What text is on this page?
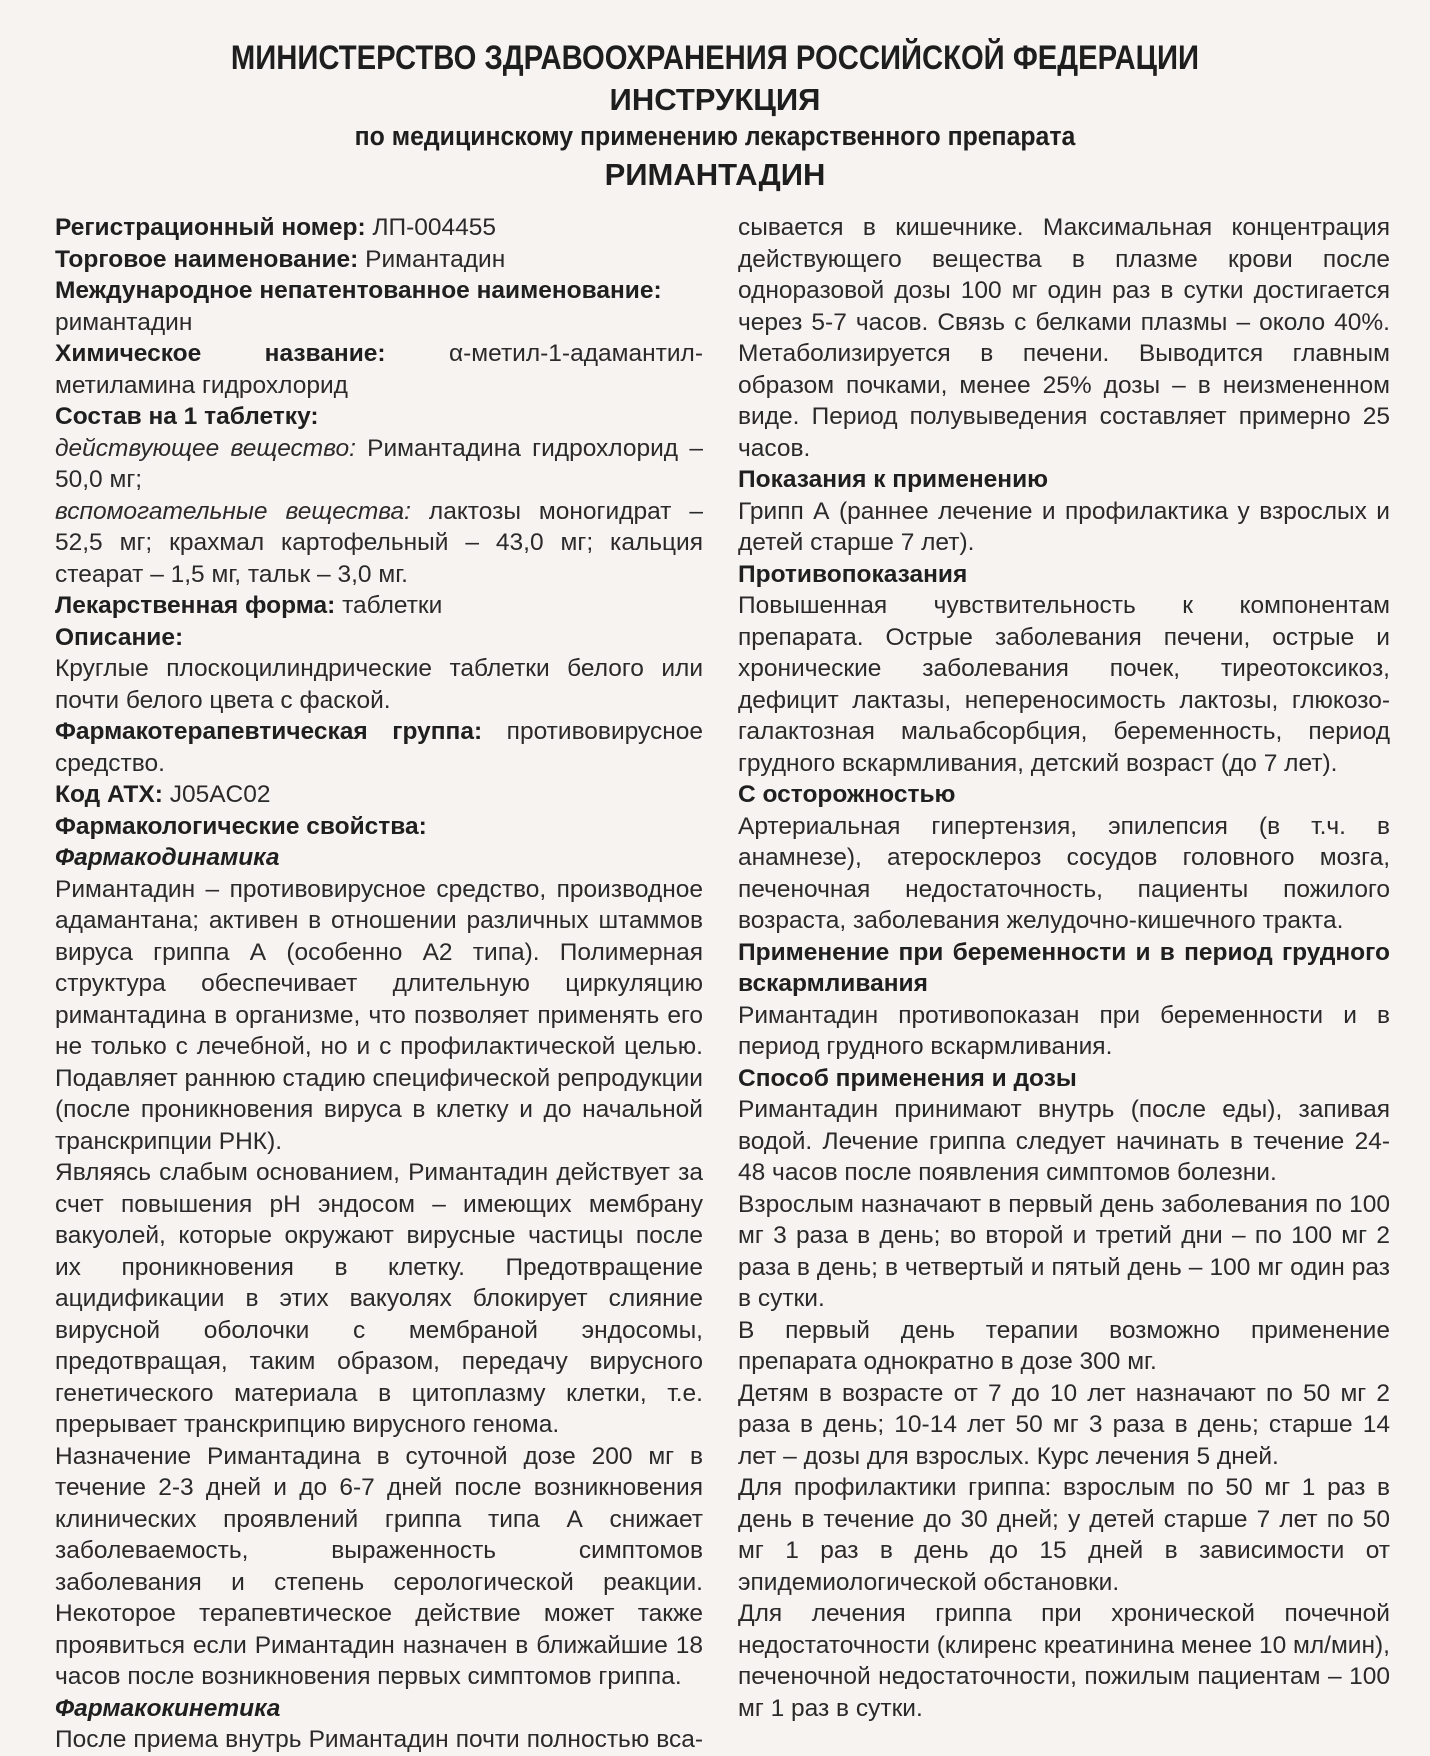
МИНИСТЕРСТВО ЗДРАВООХРАНЕНИЯ РОССИЙСКОЙ ФЕДЕРАЦИИ
ИНСТРУКЦИЯ
по медицинскому применению лекарственного препарата
РИМАНТАДИН

Регистрационный номер: ЛП-004455

Торговое наименование: Римантадин

Международное непатентованное наименование:

римантадин

Химическое название: α-метил-1-адамантил-метиламина гидрохлорид

Состав на 1 таблетку:

действующее вещество: Римантадина гидрохлорид – 50,0 мг;

вспомогательные вещества: лактозы моногидрат – 52,5 мг; крахмал картофельный – 43,0 мг; кальция стеарат – 1,5 мг, тальк – 3,0 мг.

Лекарственная форма: таблетки

Описание:

Круглые плоскоцилиндрические таблетки белого или почти белого цвета с фаской.

Фармакотерапевтическая группа: противовирусное средство.

Код АТХ: J05AC02

Фармакологические свойства:

Фармакодинамика

Римантадин – противовирусное средство, производное адамантана; активен в отношении различных штаммов вируса гриппа А (особенно А2 типа). Полимерная структура обеспечивает длительную циркуляцию римантадина в организме, что позволяет применять его не только с лечебной, но и с профилактической целью. Подавляет раннюю стадию специфической репродукции (после проникновения вируса в клетку и до начальной транскрипции РНК).

Являясь слабым основанием, Римантадин действует за счет повышения pH эндосом – имеющих мембрану вакуолей, которые окружают вирусные частицы после их проникновения в клетку. Предотвращение ацидификации в этих вакуолях блокирует слияние вирусной оболочки с мембраной эндосомы, предотвращая, таким образом, передачу вирусного генетического материала в цитоплазму клетки, т.е. прерывает транскрипцию вирусного генома.

Назначение Римантадина в суточной дозе 200 мг в течение 2-3 дней и до 6-7 дней после возникновения клинических проявлений гриппа типа А снижает заболеваемость, выраженность симптомов заболевания и степень серологической реакции. Некоторое терапевтическое действие может также проявиться если Римантадин назначен в ближайшие 18 часов после возникновения первых симптомов гриппа.

Фармакокинетика

После приема внутрь Римантадин почти полностью вса-

сывается в кишечнике. Максимальная концентрация действующего вещества в плазме крови после одноразовой дозы 100 мг один раз в сутки достигается через 5-7 часов. Связь с белками плазмы – около 40%. Метаболизируется в печени. Выводится главным образом почками, менее 25% дозы – в неизмененном виде. Период полувыведения составляет примерно 25 часов.

Показания к применению

Грипп А (раннее лечение и профилактика у взрослых и детей старше 7 лет).

Противопоказания

Повышенная чувствительность к компонентам препарата. Острые заболевания печени, острые и хронические заболевания почек, тиреотоксикоз, дефицит лактазы, непереносимость лактозы, глюкозо-галактозная мальабсорбция, беременность, период грудного вскармливания, детский возраст (до 7 лет).

С осторожностью

Артериальная гипертензия, эпилепсия (в т.ч. в анамнезе), атеросклероз сосудов головного мозга, печеночная недостаточность, пациенты пожилого возраста, заболевания желудочно-кишечного тракта.

Применение при беременности и в период грудного вскармливания

Римантадин противопоказан при беременности и в период грудного вскармливания.

Способ применения и дозы

Римантадин принимают внутрь (после еды), запивая водой. Лечение гриппа следует начинать в течение 24-48 часов после появления симптомов болезни.

Взрослым назначают в первый день заболевания по 100 мг 3 раза в день; во второй и третий дни – по 100 мг 2 раза в день; в четвертый и пятый день – 100 мг один раз в сутки.

В первый день терапии возможно применение препарата однократно в дозе 300 мг.

Детям в возрасте от 7 до 10 лет назначают по 50 мг 2 раза в день; 10-14 лет 50 мг 3 раза в день; старше 14 лет – дозы для взрослых. Курс лечения 5 дней.

Для профилактики гриппа: взрослым по 50 мг 1 раз в день в течение до 30 дней; у детей старше 7 лет по 50 мг 1 раз в день до 15 дней в зависимости от эпидемиологической обстановки.

Для лечения гриппа при хронической почечной недостаточности (клиренс креатинина менее 10 мл/мин), печеночной недостаточности, пожилым пациентам – 100 мг 1 раз в сутки.
